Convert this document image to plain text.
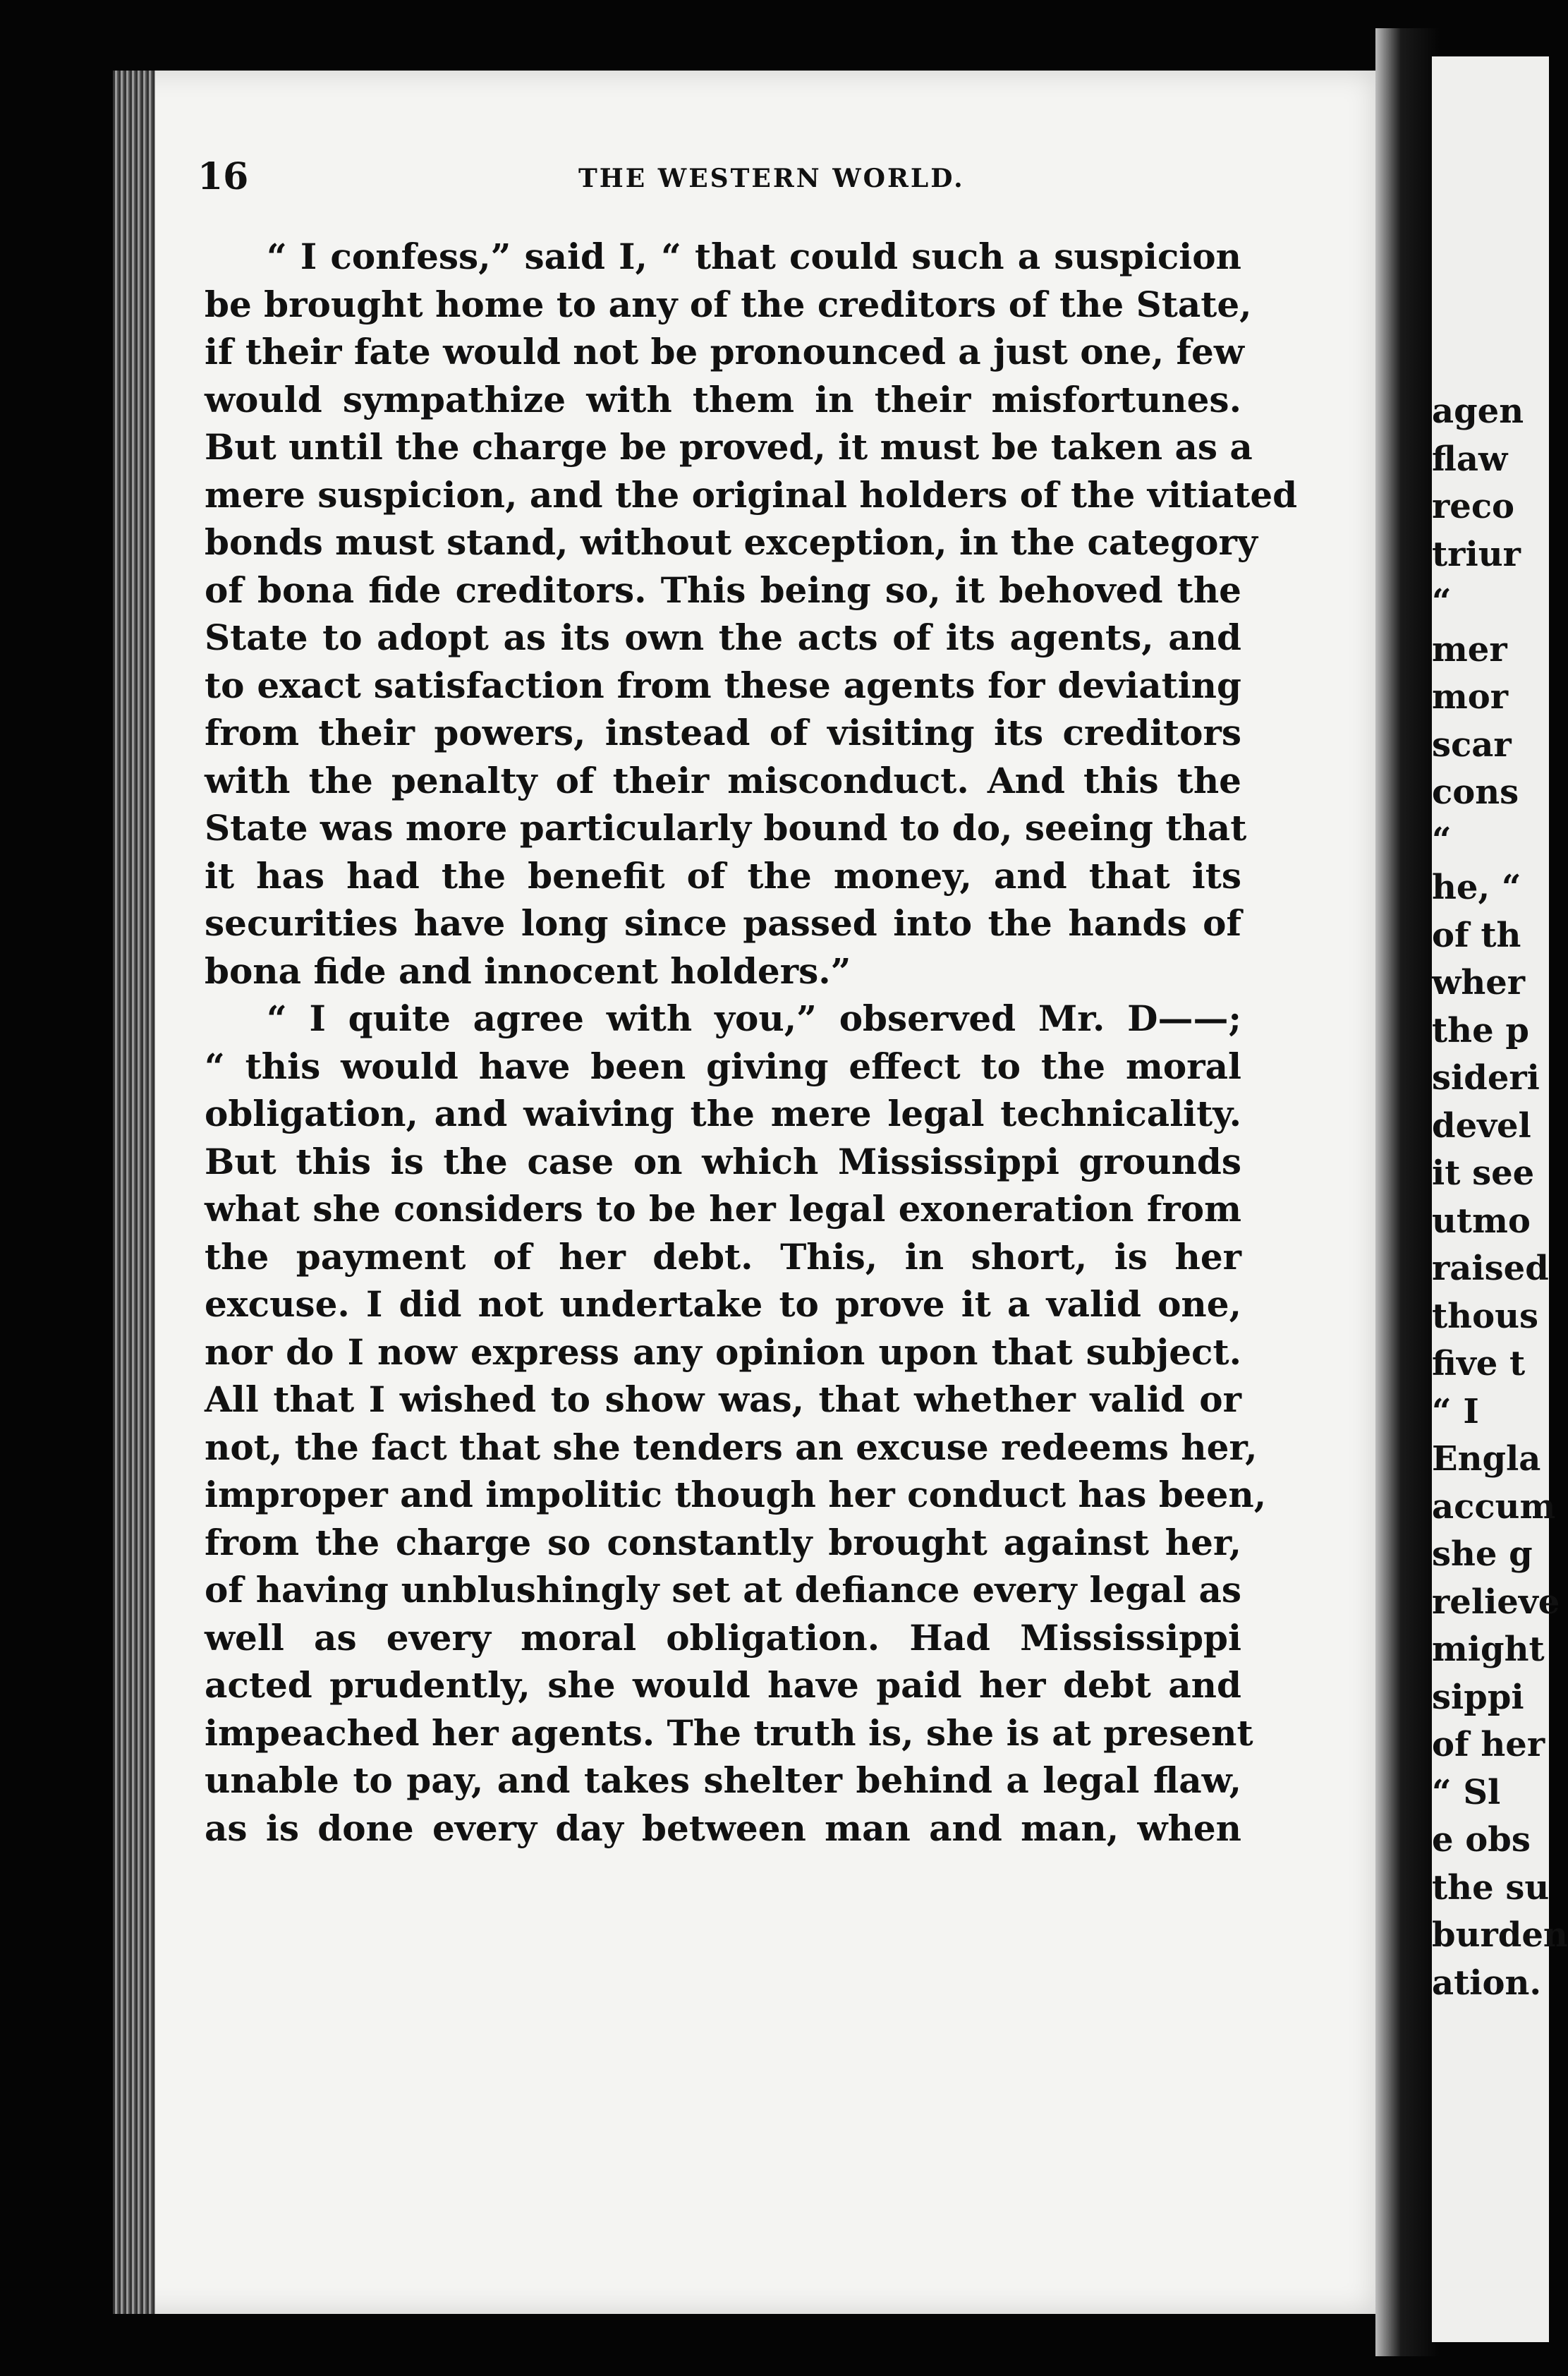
16	THE WESTERN WORLD.
“ I confess,” said I, “ that could such a suspicion
be brought home to any of the creditors of the State,
if their fate would not be pronounced a just one, few
would sympathize with them in their misfortunes.
But until the charge be proved, it must be taken as a
mere suspicion, and the original holders of the vitiated
bonds must stand, without exception, in the category
of bona fide creditors. This being so, it behoved the
State to adopt as its own the acts of its agents, and
to exact satisfaction from these agents for deviating
from their powers, instead of visiting its creditors
with the penalty of their misconduct. And this the
State was more particularly bound to do, seeing that
it has had the benefit of the money, and that its
securities have long since passed into the hands of
bona fide and innocent holders.”
“ I quite agree with you,” observed Mr. D——;
“ this would have been giving effect to the moral
obligation, and waiving the mere legal technicality.
But this is the case on which Mississippi grounds
what she considers to be her legal exoneration from
the payment of her debt. This, in short, is her
excuse. I did not undertake to prove it a valid one,
nor do I now express any opinion upon that subject.
All that I wished to show was, that whether valid or
not, the fact that she tenders an excuse redeems her,
improper and impolitic though her conduct has been,
from the charge so constantly brought against her,
of having unblushingly set at defiance every legal as
well as every moral obligation. Had Mississippi
acted prudently, she would have paid her debt and
impeached her agents. The truth is, she is at present
unable to pay, and takes shelter behind a legal flaw,
as is done every day between man and man, when
agen
flaw
reco
triur
“
mer
mor
scar
cons
“
he, “
of th
wher
the p
sideri
devel
it see
utmo
raised
thous
five t
“ I
Engla
accum
she g
relieve
might
sippi
of her
“ Sl
e obs
the su
burden
ation.
